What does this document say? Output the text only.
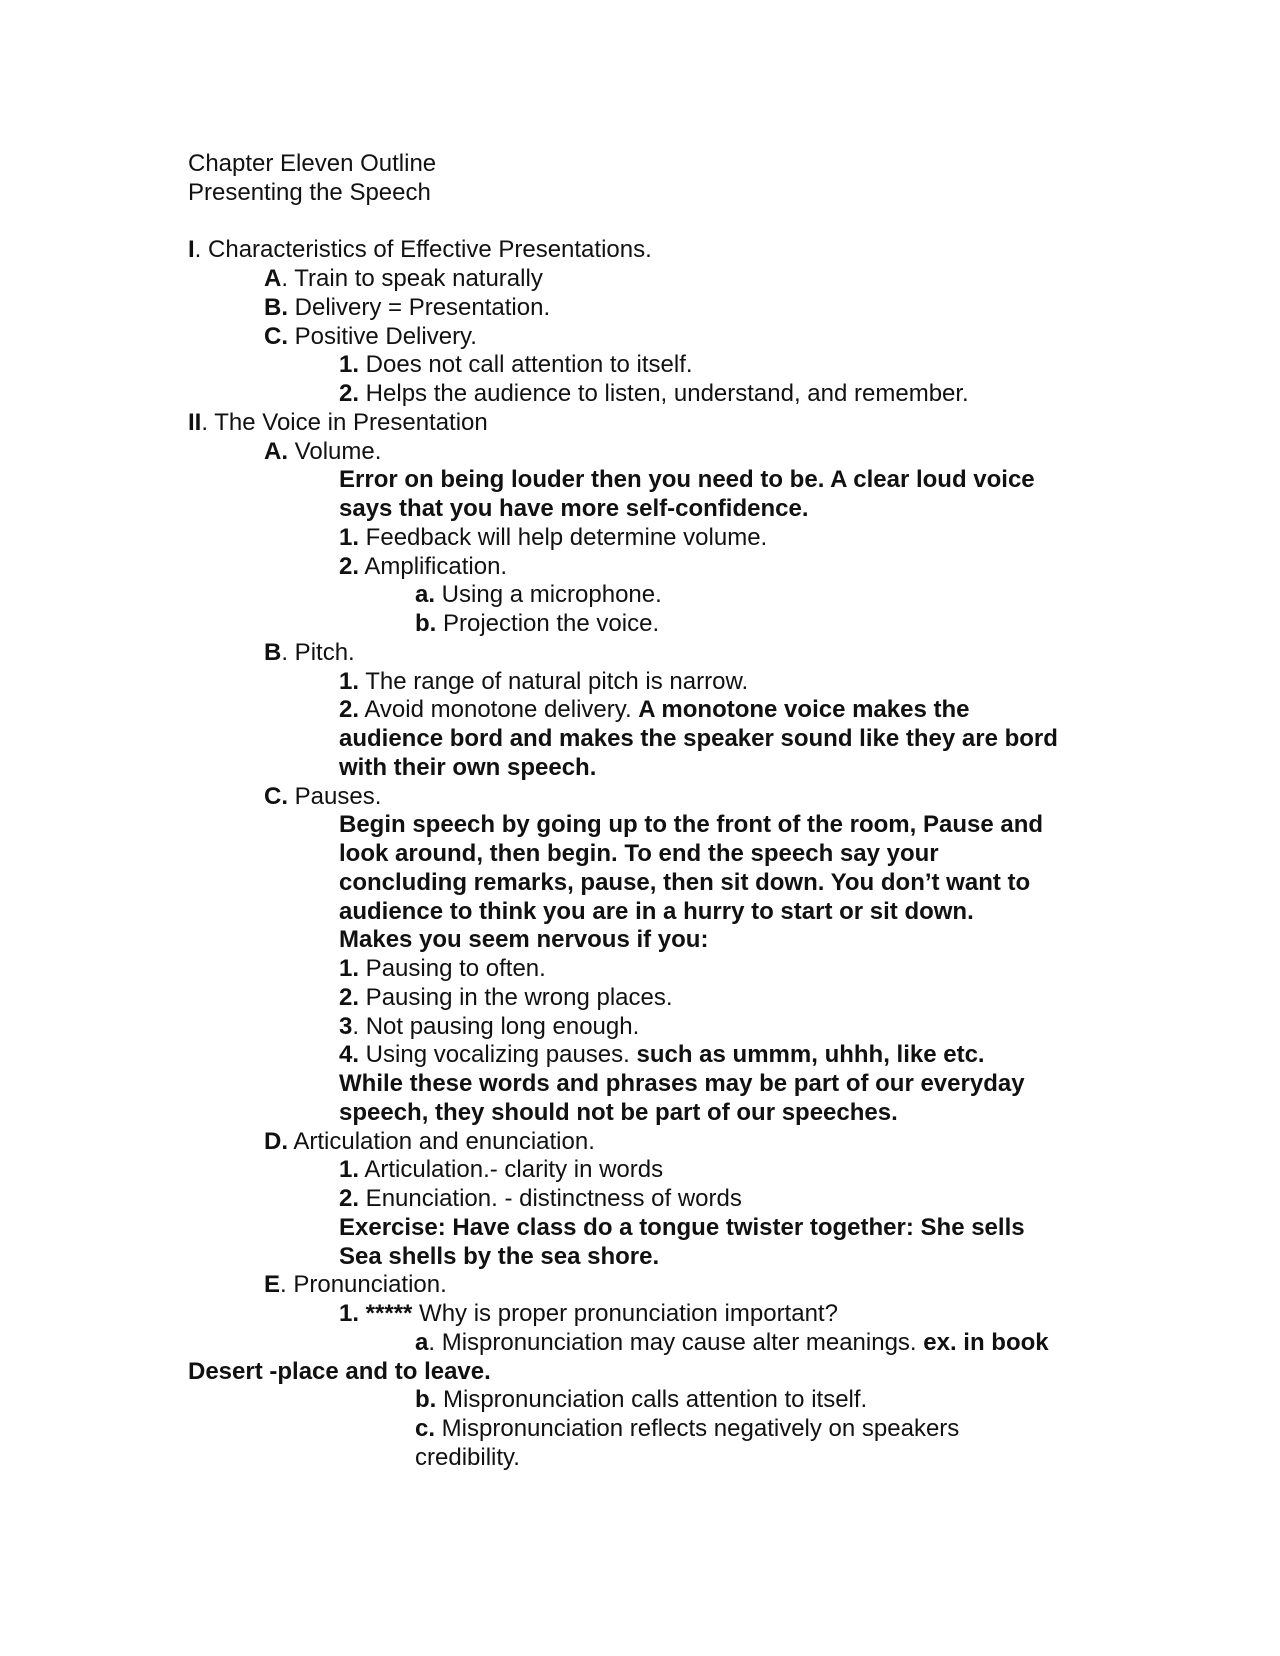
Chapter Eleven Outline
Presenting the Speech
I. Characteristics of Effective Presentations.
A. Train to speak naturally
B. Delivery = Presentation.
C. Positive Delivery.
1. Does not call attention to itself.
2. Helps the audience to listen, understand, and remember.
II. The Voice in Presentation
A. Volume.
Error on being louder then you need to be. A clear loud voice
says that you have more self-confidence.
1. Feedback will help determine volume.
2. Amplification.
a. Using a microphone.
b. Projection the voice.
B. Pitch.
1. The range of natural pitch is narrow.
2. Avoid monotone delivery. A monotone voice makes the
audience bord and makes the speaker sound like they are bord
with their own speech.
C. Pauses.
Begin speech by going up to the front of the room, Pause and
look around, then begin. To end the speech say your
concluding remarks, pause, then sit down. You don’t want to
audience to think you are in a hurry to start or sit down.
Makes you seem nervous if you:
1. Pausing to often.
2. Pausing in the wrong places.
3. Not pausing long enough.
4. Using vocalizing pauses. such as ummm, uhhh, like etc.
While these words and phrases may be part of our everyday
speech, they should not be part of our speeches.
D. Articulation and enunciation.
1. Articulation.- clarity in words
2. Enunciation. - distinctness of words
Exercise: Have class do a tongue twister together: She sells
Sea shells by the sea shore.
E. Pronunciation.
1. ***** Why is proper pronunciation important?
a. Mispronunciation may cause alter meanings. ex. in book
Desert -place and to leave.
b. Mispronunciation calls attention to itself.
c. Mispronunciation reflects negatively on speakers
credibility.
